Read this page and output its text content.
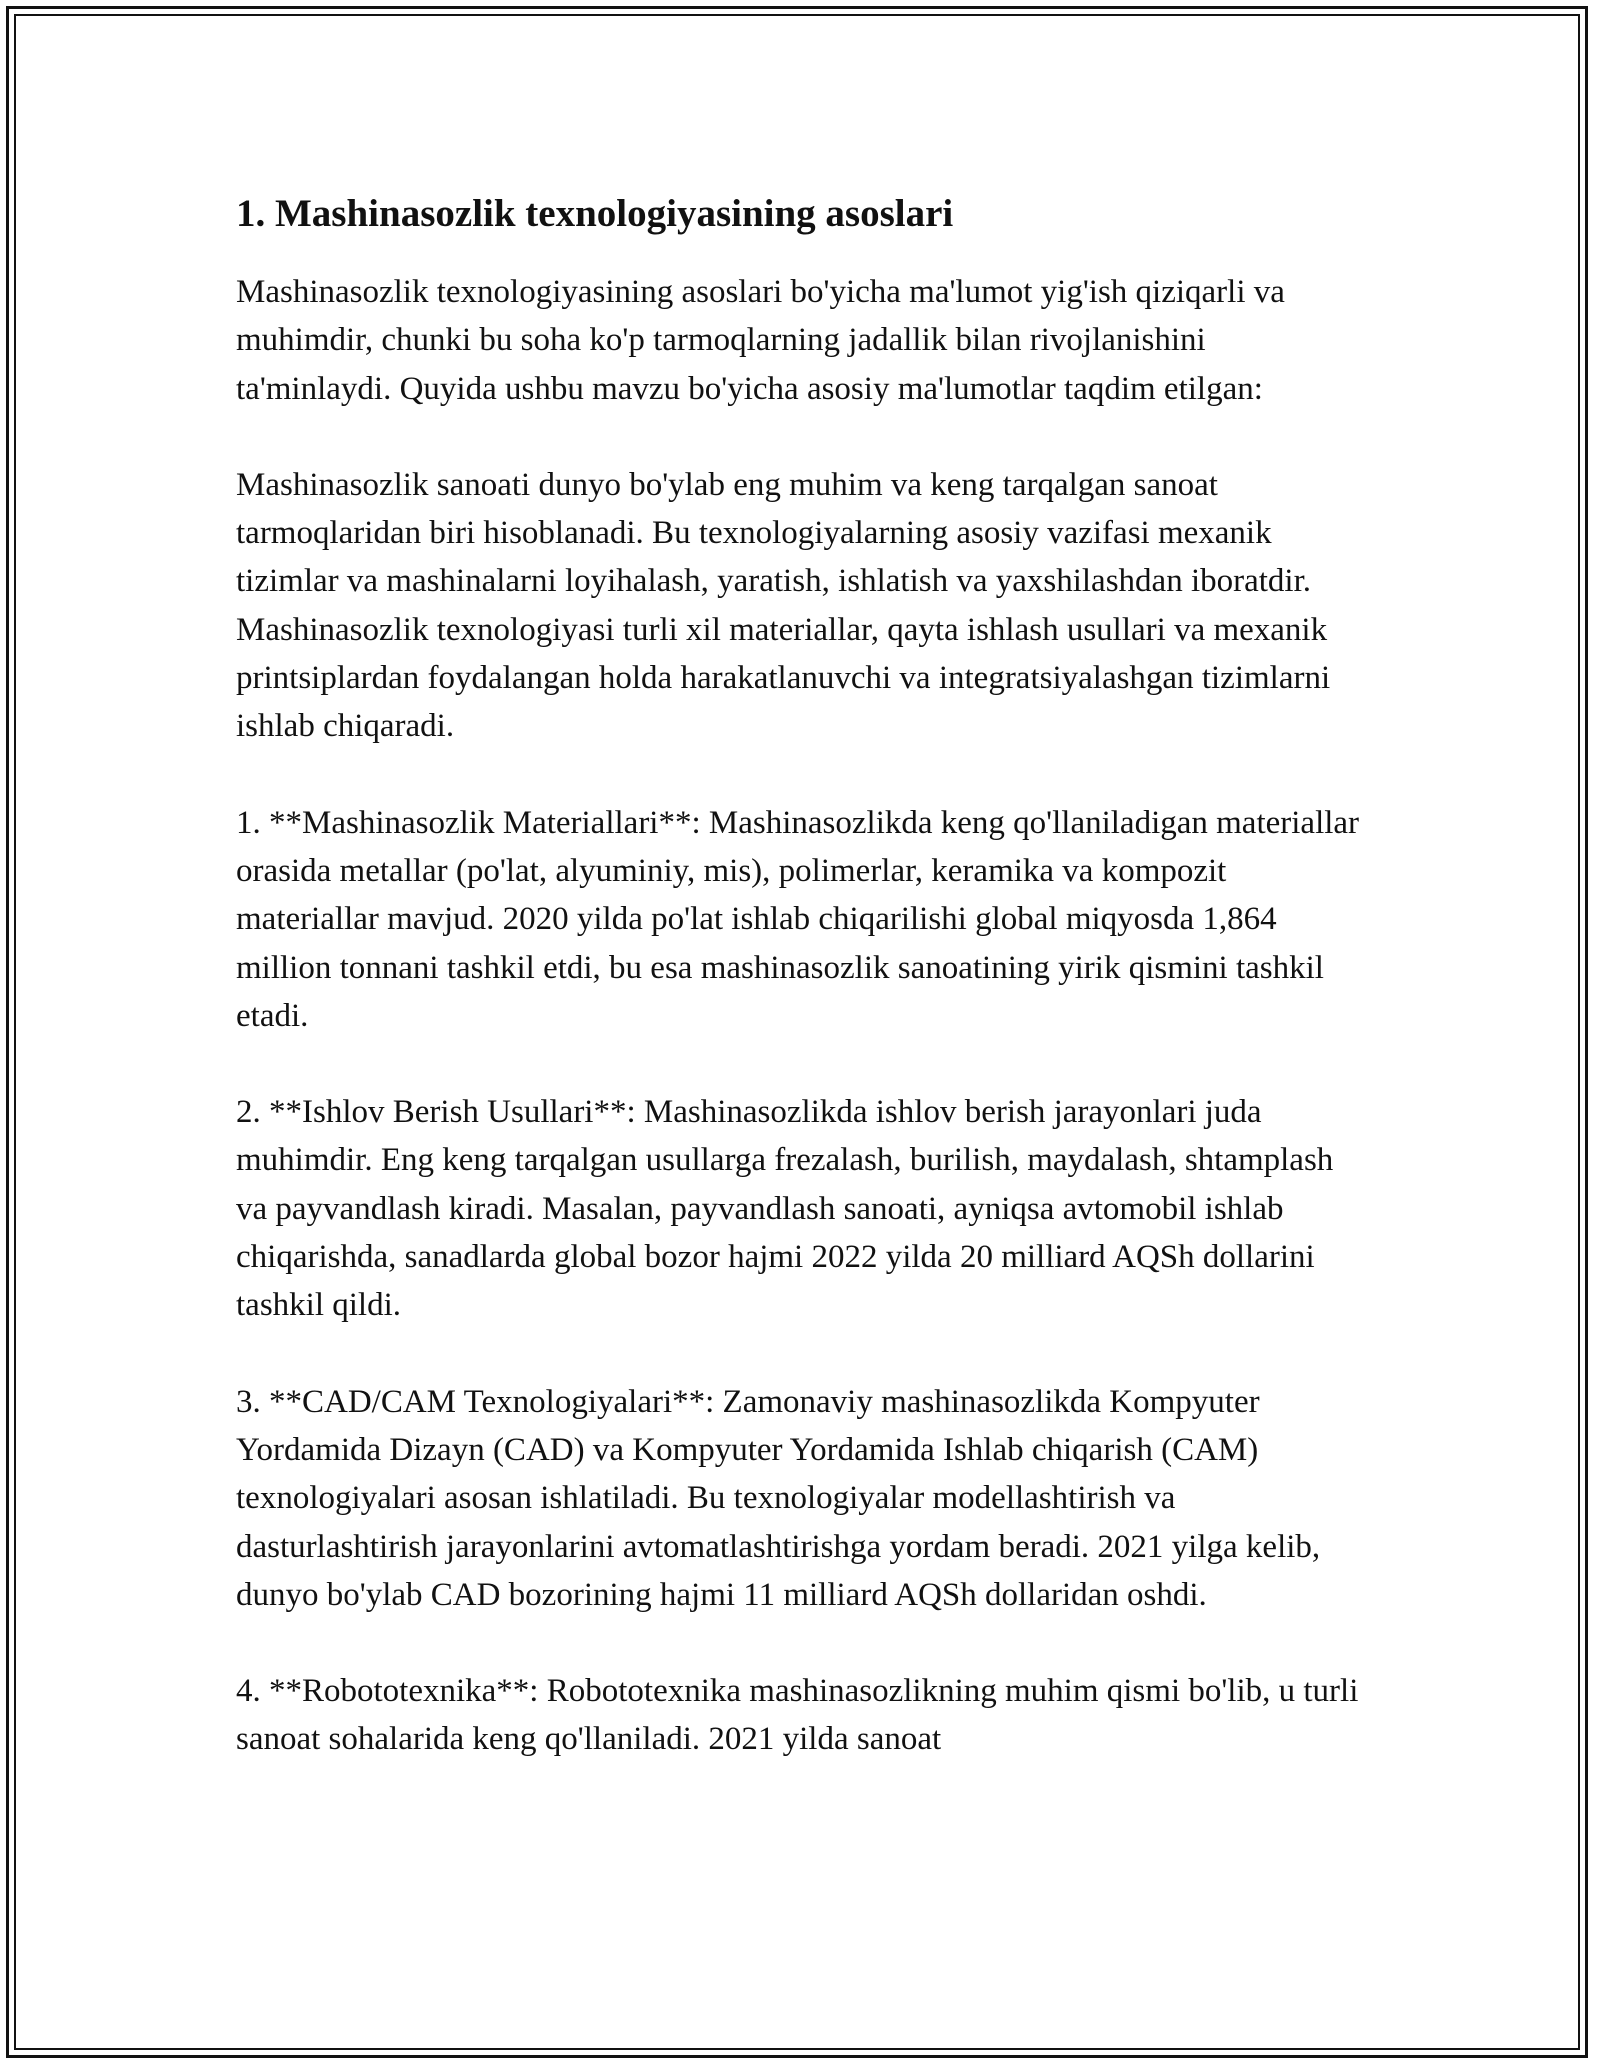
1. Mashinasozlik texnologiyasining asoslari

Mashinasozlik texnologiyasining asoslari bo'yicha ma'lumot yig'ish qiziqarli va muhimdir, chunki bu soha ko'p tarmoqlarning jadallik bilan rivojlanishini ta'minlaydi. Quyida ushbu mavzu bo'yicha asosiy ma'lumotlar taqdim etilgan:

Mashinasozlik sanoati dunyo bo'ylab eng muhim va keng tarqalgan sanoat tarmoqlaridan biri hisoblanadi. Bu texnologiyalarning asosiy vazifasi mexanik tizimlar va mashinalarni loyihalash, yaratish, ishlatish va yaxshilashdan iboratdir. Mashinasozlik texnologiyasi turli xil materiallar, qayta ishlash usullari va mexanik printsiplardan foydalangan holda harakatlanuvchi va integratsiyalashgan tizimlarni ishlab chiqaradi.

1. **Mashinasozlik Materiallari**: Mashinasozlikda keng qo'llaniladigan materiallar orasida metallar (po'lat, alyuminiy, mis), polimerlar, keramika va kompozit materiallar mavjud. 2020 yilda po'lat ishlab chiqarilishi global miqyosda 1,864 million tonnani tashkil etdi, bu esa mashinasozlik sanoatining yirik qismini tashkil etadi.

2. **Ishlov Berish Usullari**: Mashinasozlikda ishlov berish jarayonlari juda muhimdir. Eng keng tarqalgan usullarga frezalash, burilish, maydalash, shtamplash va payvandlash kiradi. Masalan, payvandlash sanoati, ayniqsa avtomobil ishlab chiqarishda, sanadlarda global bozor hajmi 2022 yilda 20 milliard AQSh dollarini tashkil qildi.

3. **CAD/CAM Texnologiyalari**: Zamonaviy mashinasozlikda Kompyuter Yordamida Dizayn (CAD) va Kompyuter Yordamida Ishlab chiqarish (CAM) texnologiyalari asosan ishlatiladi. Bu texnologiyalar modellashtirish va dasturlashtirish jarayonlarini avtomatlashtirishga yordam beradi. 2021 yilga kelib, dunyo bo'ylab CAD bozorining hajmi 11 milliard AQSh dollaridan oshdi.

4. **Robototexnika**: Robototexnika mashinasozlikning muhim qismi bo'lib, u turli sanoat sohalarida keng qo'llaniladi. 2021 yilda sanoat
